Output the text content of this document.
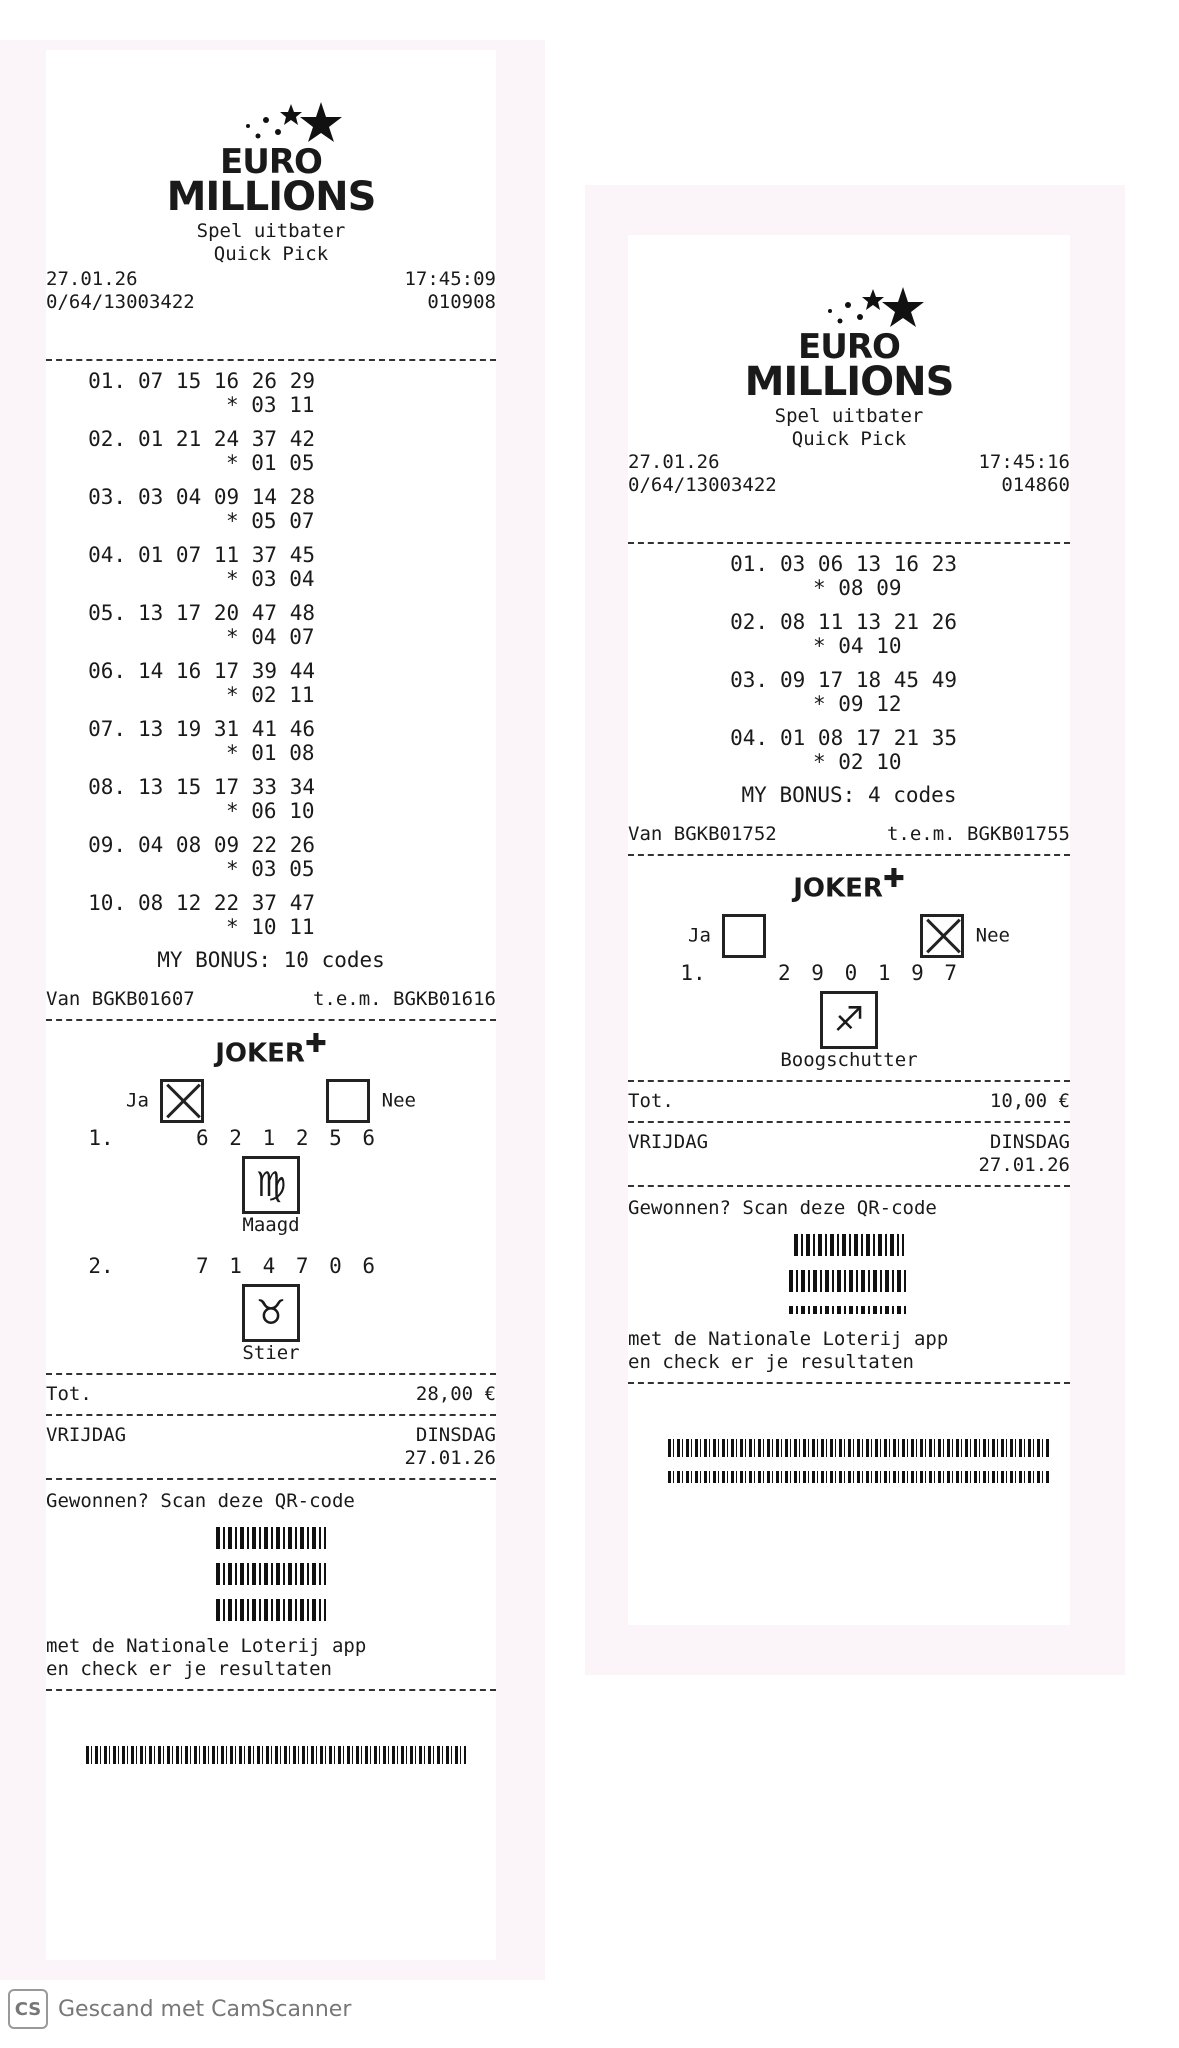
EURO
MILLIONS
Spel uitbater
Quick Pick
27.01.26	17:45:09
0/64/13003422	010908
01. 07 15 16 26 29
* 03 11
02. 01 21 24 37 42
* 01 05
03. 03 04 09 14 28
* 05 07
04. 01 07 11 37 45
* 03 04
05. 13 17 20 47 48
* 04 07
06. 14 16 17 39 44
* 02 11
07. 13 19 31 41 46
* 01 08
08. 13 15 17 33 34
* 06 10
09. 04 08 09 22 26
* 03 05
10. 08 12 22 37 47
* 10 11
MY BONUS: 10 codes
Van BGKB01607	t.e.m. BGKB01616
JOKER✚
Ja	Nee
1.	6 2 1 2 5 6
♍
Maagd
2.	7 1 4 7 0 6
♉
Stier
Tot.	28,00 €
VRIJDAG	DINSDAG
27.01.26
Gewonnen? Scan deze QR-code
met de Nationale Loterij app
en check er je resultaten
EURO
MILLIONS
Spel uitbater
Quick Pick
27.01.26	17:45:16
0/64/13003422	014860
01. 03 06 13 16 23
* 08 09
02. 08 11 13 21 26
* 04 10
03. 09 17 18 45 49
* 09 12
04. 01 08 17 21 35
* 02 10
MY BONUS: 4 codes
Van BGKB01752	t.e.m. BGKB01755
JOKER✚
Ja	Nee
1.	2 9 0 1 9 7
♐
Boogschutter
Tot.	10,00 €
VRIJDAG	DINSDAG
27.01.26
Gewonnen? Scan deze QR-code
met de Nationale Loterij app
en check er je resultaten
CS Gescand met CamScanner
